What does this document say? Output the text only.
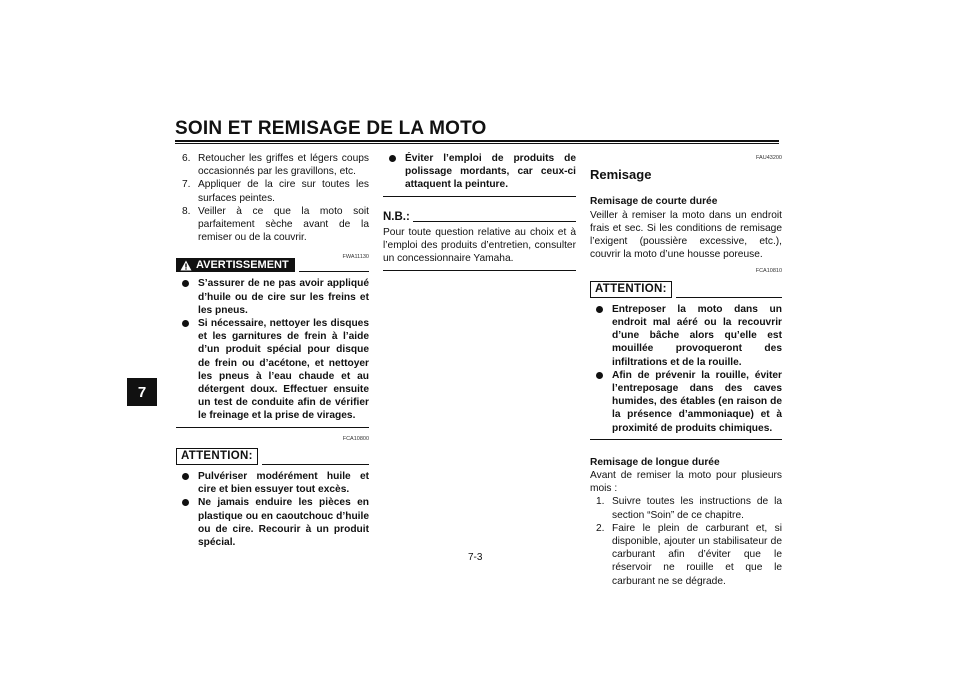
SOIN ET REMISAGE DE LA MOTO
7
6. Retoucher les griffes et légers coups occasionnés par les gravillons, etc.
7. Appliquer de la cire sur toutes les surfaces peintes.
8. Veiller à ce que la moto soit parfaitement sèche avant de la remiser ou de la couvrir.
FWA11130
AVERTISSEMENT
S’assurer de ne pas avoir appliqué d’huile ou de cire sur les freins et les pneus.
Si nécessaire, nettoyer les disques et les garnitures de frein à l’aide d’un produit spécial pour disque de frein ou d’acétone, et nettoyer les pneus à l’eau chaude et au détergent doux. Effectuer ensuite un test de conduite afin de vérifier le freinage et la prise de virages.
FCA10800
ATTENTION:
Pulvériser modérément huile et cire et bien essuyer tout excès.
Ne jamais enduire les pièces en plastique ou en caoutchouc d’huile ou de cire. Recourir à un produit spécial.
Éviter l’emploi de produits de polissage mordants, car ceux-ci attaquent la peinture.
N.B.:

Pour toute question relative au choix et à l’emploi des produits d’entretien, consulter un concessionnaire Yamaha.

FAU43200
Remisage
Remisage de courte durée

Veiller à remiser la moto dans un endroit frais et sec. Si les conditions de remisage l’exigent (poussière excessive, etc.), couvrir la moto d’une housse poreuse.

FCA10810
ATTENTION:
Entreposer la moto dans un endroit mal aéré ou la recouvrir d’une bâche alors qu’elle est mouillée provoqueront des infiltrations et de la rouille.
Afin de prévenir la rouille, éviter l’entreposage dans des caves humides, des étables (en raison de la présence d’ammoniaque) et à proximité de produits chimiques.
Remisage de longue durée

Avant de remiser la moto pour plusieurs mois :

1. Suivre toutes les instructions de la section “Soin” de ce chapitre.
2. Faire le plein de carburant et, si disponible, ajouter un stabilisateur de carburant afin d’éviter que le réservoir ne rouille et que le carburant ne se dégrade.
7-3
